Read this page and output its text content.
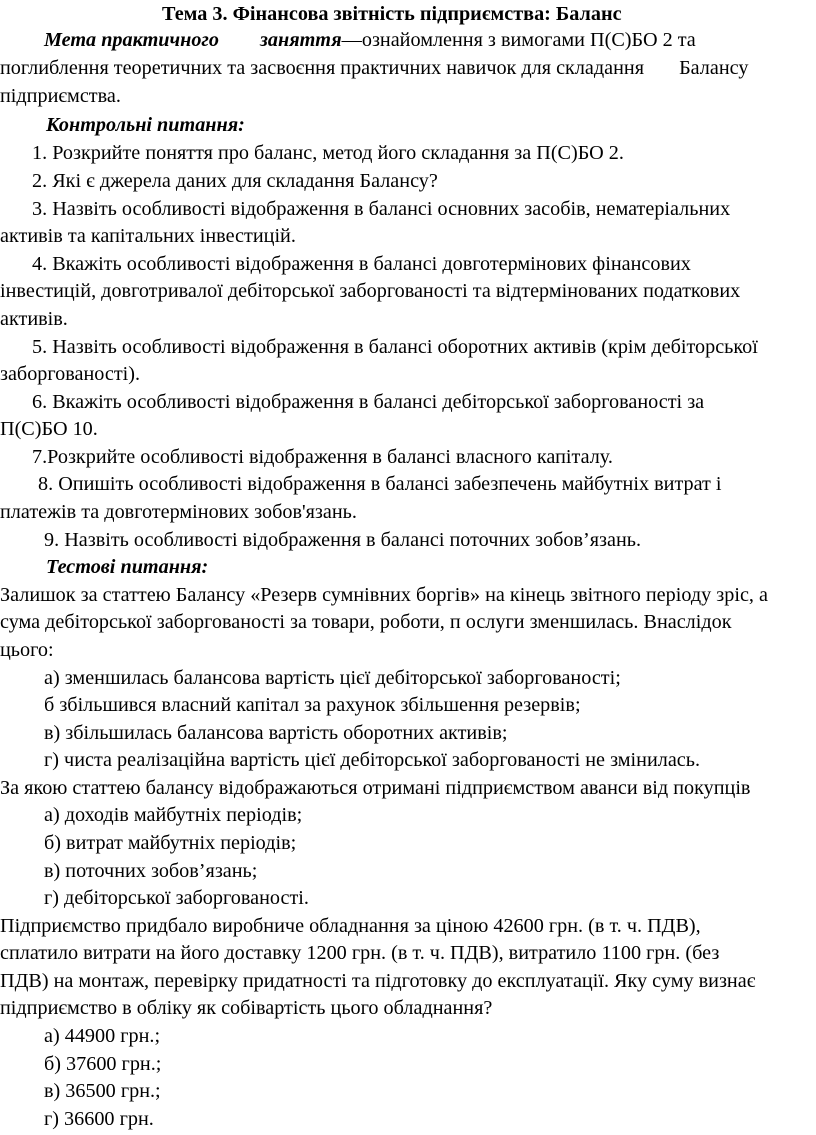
Тема 3. Фінансова звітність підприємства: Баланс
Мета практичного заняття—ознайомлення з вимогами П(С)БО 2 та
поглиблення теоретичних та засвоєння практичних навичок для складання Балансу
підприємства.
Контрольні питання:
1. Розкрийте поняття про баланс, метод його складання за П(С)БО 2.
2. Які є джерела даних для складання Балансу?
3. Назвіть особливості відображення в балансі основних засобів, нематеріальних
активів та капітальних інвестицій.
4. Вкажіть особливості відображення в балансі довготермінових фінансових
інвестицій, довготривалої дебіторської заборгованості та відтермінованих податкових
активів.
5. Назвіть особливості відображення в балансі оборотних активів (крім дебіторської
заборгованості).
6. Вкажіть особливості відображення в балансі дебіторської заборгованості за
П(С)БО 10.
7.Розкрийте особливості відображення в балансі власного капіталу.
8. Опишіть особливості відображення в балансі забезпечень майбутніх витрат і
платежів та довготермінових зобов'язань.
9. Назвіть особливості відображення в балансі поточних зобов’язань.
Тестові питання:
Залишок за статтею Балансу «Резерв сумнівних боргів» на кінець звітного періоду зріс, а
сума дебіторської заборгованості за товари, роботи, п ослуги зменшилась. Внаслідок
цього:
а) зменшилась балансова вартість цієї дебіторської заборгованості;
б збільшився власний капітал за рахунок збільшення резервів;
в) збільшилась балансова вартість оборотних активів;
г) чиста реалізаційна вартість цієї дебіторської заборгованості не змінилась.
За якою статтею балансу відображаються отримані підприємством аванси від покупців
а) доходів майбутніх періодів;
б) витрат майбутніх періодів;
в) поточних зобов’язань;
г) дебіторської заборгованості.
Підприємство придбало виробниче обладнання за ціною 42600 грн. (в т. ч. ПДВ),
сплатило витрати на його доставку 1200 грн. (в т. ч. ПДВ), витратило 1100 грн. (без
ПДВ) на монтаж, перевірку придатності та підготовку до експлуатації. Яку суму визнає
підприємство в обліку як собівартість цього обладнання?
а) 44900 грн.;
б) 37600 грн.;
в) 36500 грн.;
г) 36600 грн.
